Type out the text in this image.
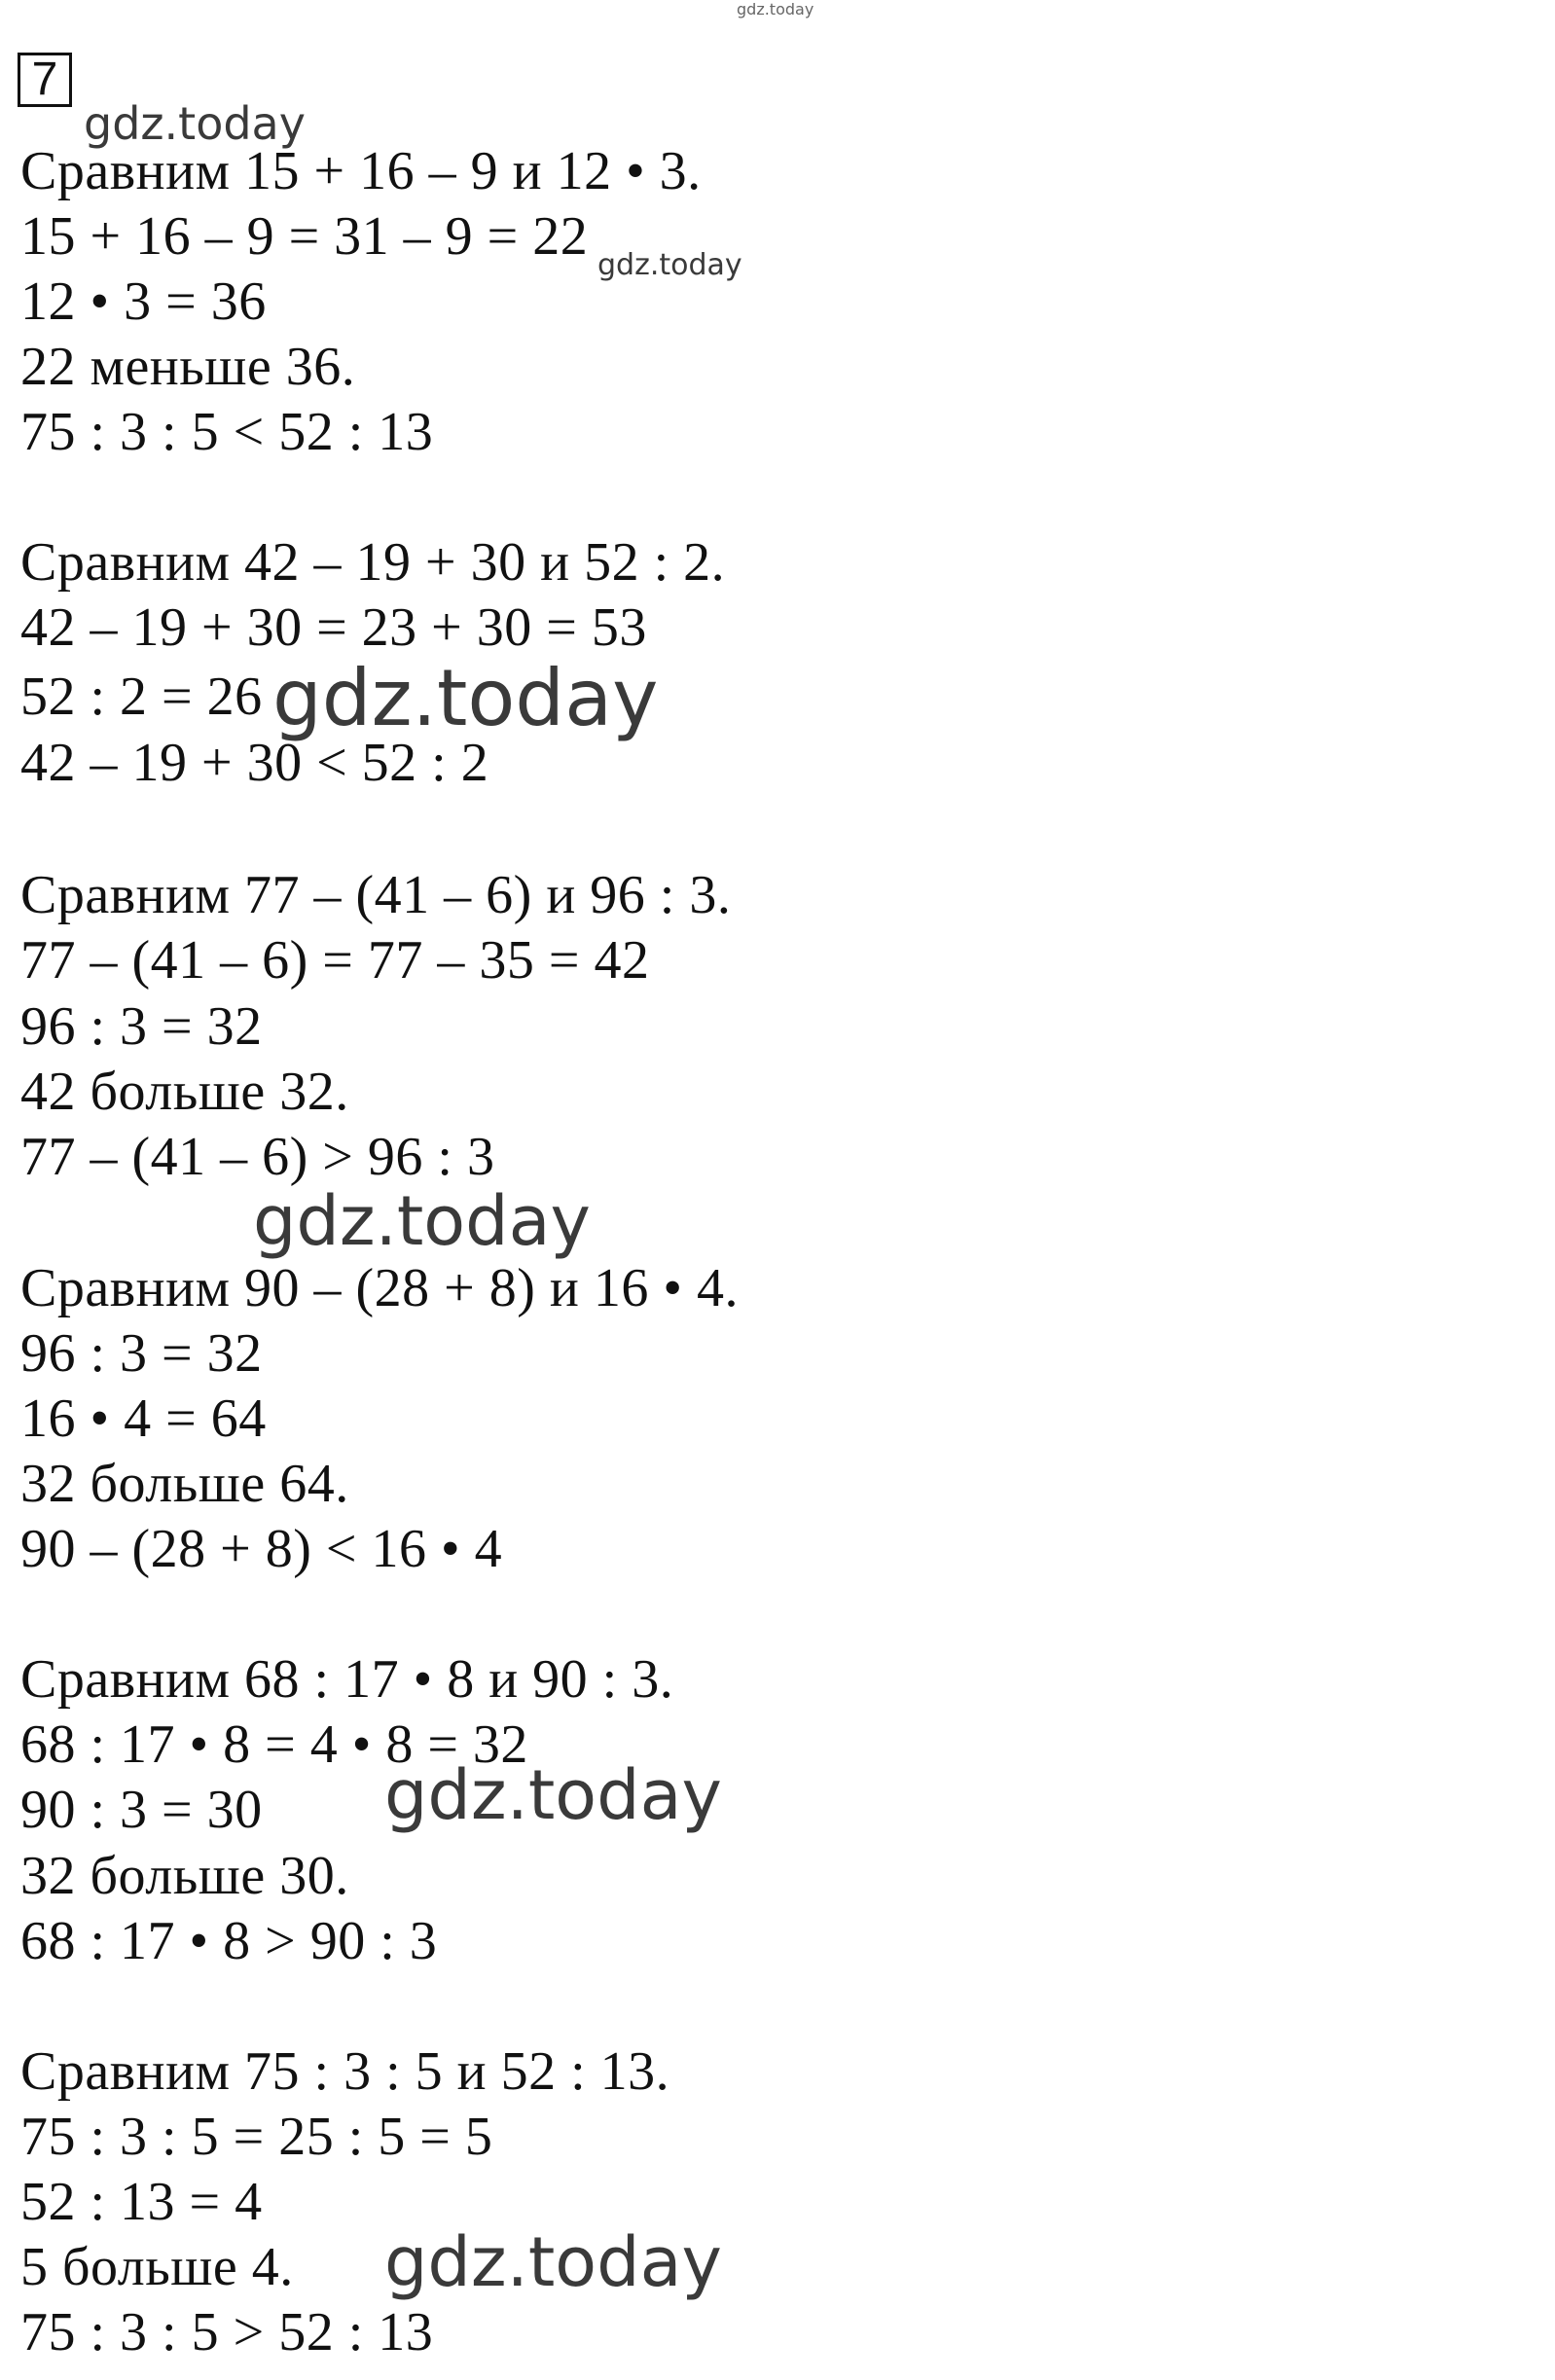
gdz.today
7
gdz.today
gdz.today
gdz.today
gdz.today
gdz.today
gdz.today
Сравним 15 + 16 – 9 и 12 • 3.
15 + 16 – 9 = 31 – 9 = 22
12 • 3 = 36
22 меньше 36.
75 : 3 : 5 < 52 : 13
Сравним 42 – 19 + 30 и 52 : 2.
42 – 19 + 30 = 23 + 30 = 53
52 : 2 = 26
42 – 19 + 30 < 52 : 2
Сравним 77 – (41 – 6) и 96 : 3.
77 – (41 – 6) = 77 – 35 = 42
96 : 3 = 32
42 больше 32.
77 – (41 – 6) > 96 : 3
Сравним 90 – (28 + 8) и 16 • 4.
96 : 3 = 32
16 • 4 = 64
32 больше 64.
90 – (28 + 8) < 16 • 4
Сравним 68 : 17 • 8 и 90 : 3.
68 : 17 • 8 = 4 • 8 = 32
90 : 3 = 30
32 больше 30.
68 : 17 • 8 > 90 : 3
Сравним 75 : 3 : 5 и 52 : 13.
75 : 3 : 5 = 25 : 5 = 5
52 : 13 = 4
5 больше 4.
75 : 3 : 5 > 52 : 13
